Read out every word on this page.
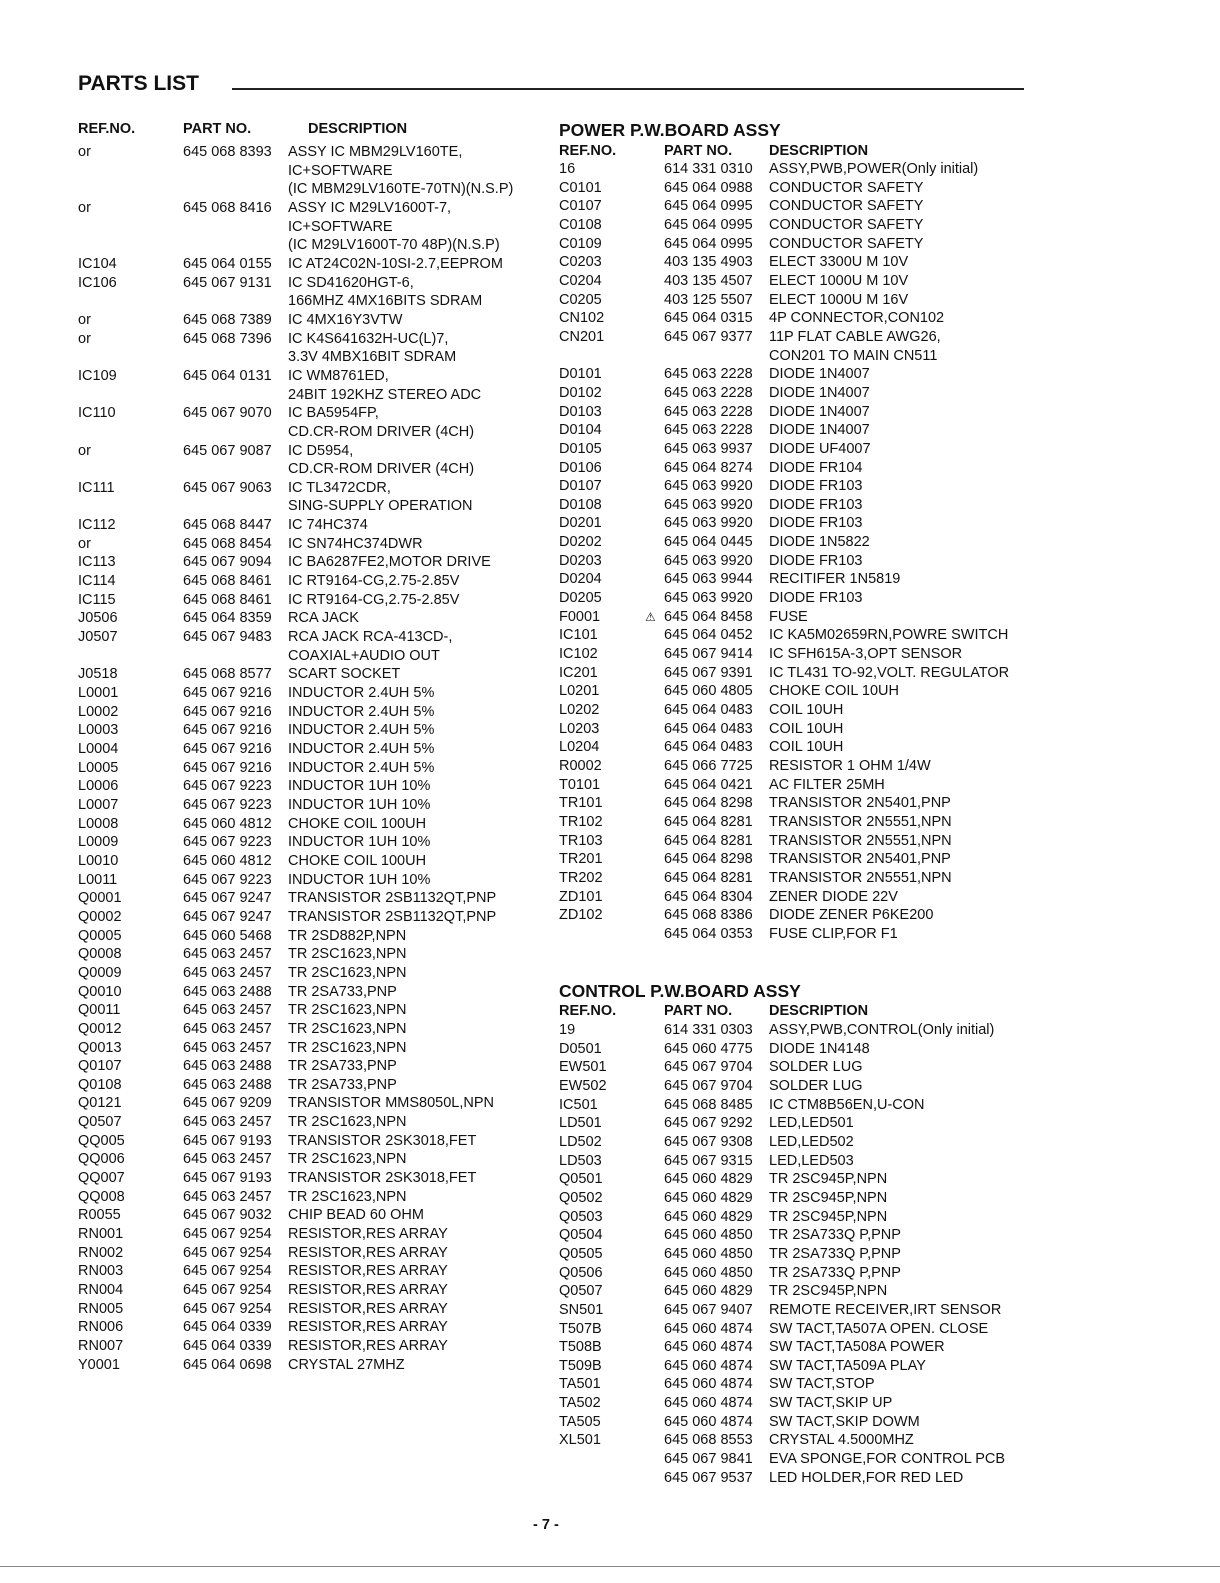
PARTS LIST
REF.NO.	PART NO.	DESCRIPTION
or	645 068 8393	ASSY IC MBM29LV160TE,
IC+SOFTWARE
(IC MBM29LV160TE-70TN)(N.S.P)
or	645 068 8416	ASSY IC M29LV1600T-7,
IC+SOFTWARE
(IC M29LV1600T-70 48P)(N.S.P)
IC104	645 064 0155	IC AT24C02N-10SI-2.7,EEPROM
IC106	645 067 9131	IC SD41620HGT-6,
166MHZ 4MX16BITS SDRAM
or	645 068 7389	IC 4MX16Y3VTW
or	645 068 7396	IC K4S641632H-UC(L)7,
3.3V 4MBX16BIT SDRAM
IC109	645 064 0131	IC WM8761ED,
24BIT 192KHZ STEREO ADC
IC110	645 067 9070	IC BA5954FP,
CD.CR-ROM DRIVER (4CH)
or	645 067 9087	IC D5954,
CD.CR-ROM DRIVER (4CH)
IC111	645 067 9063	IC TL3472CDR,
SING-SUPPLY OPERATION
IC112	645 068 8447	IC 74HC374
or	645 068 8454	IC SN74HC374DWR
IC113	645 067 9094	IC BA6287FE2,MOTOR DRIVE
IC114	645 068 8461	IC RT9164-CG,2.75-2.85V
IC115	645 068 8461	IC RT9164-CG,2.75-2.85V
J0506	645 064 8359	RCA JACK
J0507	645 067 9483	RCA JACK RCA-413CD-,
COAXIAL+AUDIO OUT
J0518	645 068 8577	SCART SOCKET
L0001	645 067 9216	INDUCTOR 2.4UH 5%
L0002	645 067 9216	INDUCTOR 2.4UH 5%
L0003	645 067 9216	INDUCTOR 2.4UH 5%
L0004	645 067 9216	INDUCTOR 2.4UH 5%
L0005	645 067 9216	INDUCTOR 2.4UH 5%
L0006	645 067 9223	INDUCTOR 1UH 10%
L0007	645 067 9223	INDUCTOR 1UH 10%
L0008	645 060 4812	CHOKE COIL 100UH
L0009	645 067 9223	INDUCTOR 1UH 10%
L0010	645 060 4812	CHOKE COIL 100UH
L0011	645 067 9223	INDUCTOR 1UH 10%
Q0001	645 067 9247	TRANSISTOR 2SB1132QT,PNP
Q0002	645 067 9247	TRANSISTOR 2SB1132QT,PNP
Q0005	645 060 5468	TR 2SD882P,NPN
Q0008	645 063 2457	TR 2SC1623,NPN
Q0009	645 063 2457	TR 2SC1623,NPN
Q0010	645 063 2488	TR 2SA733,PNP
Q0011	645 063 2457	TR 2SC1623,NPN
Q0012	645 063 2457	TR 2SC1623,NPN
Q0013	645 063 2457	TR 2SC1623,NPN
Q0107	645 063 2488	TR 2SA733,PNP
Q0108	645 063 2488	TR 2SA733,PNP
Q0121	645 067 9209	TRANSISTOR MMS8050L,NPN
Q0507	645 063 2457	TR 2SC1623,NPN
QQ005	645 067 9193	TRANSISTOR 2SK3018,FET
QQ006	645 063 2457	TR 2SC1623,NPN
QQ007	645 067 9193	TRANSISTOR 2SK3018,FET
QQ008	645 063 2457	TR 2SC1623,NPN
R0055	645 067 9032	CHIP BEAD 60 OHM
RN001	645 067 9254	RESISTOR,RES ARRAY
RN002	645 067 9254	RESISTOR,RES ARRAY
RN003	645 067 9254	RESISTOR,RES ARRAY
RN004	645 067 9254	RESISTOR,RES ARRAY
RN005	645 067 9254	RESISTOR,RES ARRAY
RN006	645 064 0339	RESISTOR,RES ARRAY
RN007	645 064 0339	RESISTOR,RES ARRAY
Y0001	645 064 0698	CRYSTAL 27MHZ
POWER P.W.BOARD ASSY
REF.NO.	PART NO.	DESCRIPTION
16	614 331 0310	ASSY,PWB,POWER(Only initial)
C0101	645 064 0988	CONDUCTOR SAFETY
C0107	645 064 0995	CONDUCTOR SAFETY
C0108	645 064 0995	CONDUCTOR SAFETY
C0109	645 064 0995	CONDUCTOR SAFETY
C0203	403 135 4903	ELECT 3300U M 10V
C0204	403 135 4507	ELECT 1000U M 10V
C0205	403 125 5507	ELECT 1000U M 16V
CN102	645 064 0315	4P CONNECTOR,CON102
CN201	645 067 9377	11P FLAT CABLE AWG26,
CON201 TO MAIN CN511
D0101	645 063 2228	DIODE 1N4007
D0102	645 063 2228	DIODE 1N4007
D0103	645 063 2228	DIODE 1N4007
D0104	645 063 2228	DIODE 1N4007
D0105	645 063 9937	DIODE UF4007
D0106	645 064 8274	DIODE FR104
D0107	645 063 9920	DIODE FR103
D0108	645 063 9920	DIODE FR103
D0201	645 063 9920	DIODE FR103
D0202	645 064 0445	DIODE 1N5822
D0203	645 063 9920	DIODE FR103
D0204	645 063 9944	RECITIFER 1N5819
D0205	645 063 9920	DIODE FR103
F0001	645 064 8458	FUSE
⚠
IC101	645 064 0452	IC KA5M02659RN,POWRE SWITCH
IC102	645 067 9414	IC SFH615A-3,OPT SENSOR
IC201	645 067 9391	IC TL431 TO-92,VOLT. REGULATOR
L0201	645 060 4805	CHOKE COIL 10UH
L0202	645 064 0483	COIL 10UH
L0203	645 064 0483	COIL 10UH
L0204	645 064 0483	COIL 10UH
R0002	645 066 7725	RESISTOR 1 OHM 1/4W
T0101	645 064 0421	AC FILTER 25MH
TR101	645 064 8298	TRANSISTOR 2N5401,PNP
TR102	645 064 8281	TRANSISTOR 2N5551,NPN
TR103	645 064 8281	TRANSISTOR 2N5551,NPN
TR201	645 064 8298	TRANSISTOR 2N5401,PNP
TR202	645 064 8281	TRANSISTOR 2N5551,NPN
ZD101	645 064 8304	ZENER DIODE 22V
ZD102	645 068 8386	DIODE ZENER P6KE200
645 064 0353	FUSE CLIP,FOR F1
CONTROL P.W.BOARD ASSY
REF.NO.	PART NO.	DESCRIPTION
19	614 331 0303	ASSY,PWB,CONTROL(Only initial)
D0501	645 060 4775	DIODE 1N4148
EW501	645 067 9704	SOLDER LUG
EW502	645 067 9704	SOLDER LUG
IC501	645 068 8485	IC CTM8B56EN,U-CON
LD501	645 067 9292	LED,LED501
LD502	645 067 9308	LED,LED502
LD503	645 067 9315	LED,LED503
Q0501	645 060 4829	TR 2SC945P,NPN
Q0502	645 060 4829	TR 2SC945P,NPN
Q0503	645 060 4829	TR 2SC945P,NPN
Q0504	645 060 4850	TR 2SA733Q P,PNP
Q0505	645 060 4850	TR 2SA733Q P,PNP
Q0506	645 060 4850	TR 2SA733Q P,PNP
Q0507	645 060 4829	TR 2SC945P,NPN
SN501	645 067 9407	REMOTE RECEIVER,IRT SENSOR
T507B	645 060 4874	SW TACT,TA507A OPEN. CLOSE
T508B	645 060 4874	SW TACT,TA508A POWER
T509B	645 060 4874	SW TACT,TA509A PLAY
TA501	645 060 4874	SW TACT,STOP
TA502	645 060 4874	SW TACT,SKIP UP
TA505	645 060 4874	SW TACT,SKIP DOWM
XL501	645 068 8553	CRYSTAL 4.5000MHZ
645 067 9841	EVA SPONGE,FOR CONTROL PCB
645 067 9537	LED HOLDER,FOR RED LED
- 7 -
